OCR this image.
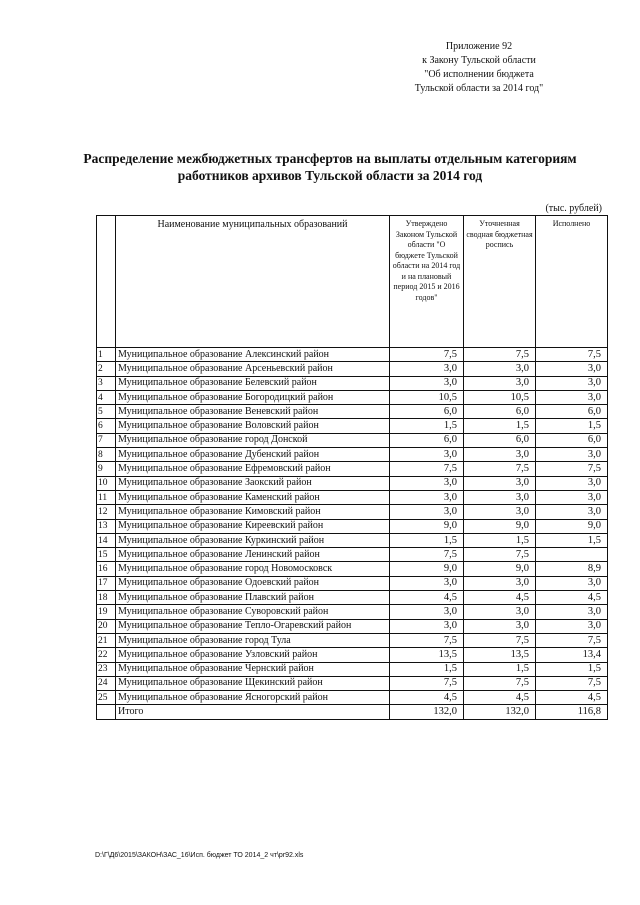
Приложение 92
к Закону Тульской области
"Об исполнении бюджета
Тульской области за 2014 год"
Распределение межбюджетных трансфертов на выплаты отдельным категориям
работников архивов Тульской области за 2014 год
(тыс. рублей)
	Наименование муниципальных образований	Утверждено Законом Тульской области "О бюджете Тульской области на 2014 год и на плановый период 2015 и 2016 годов"	Уточненная сводная бюджетная роспись	Исполнено
1	Муниципальное образование Алексинский район	7,5	7,5	7,5
2	Муниципальное образование Арсеньевский район	3,0	3,0	3,0
3	Муниципальное образование Белевский район	3,0	3,0	3,0
4	Муниципальное образование Богородицкий район	10,5	10,5	3,0
5	Муниципальное образование Веневский район	6,0	6,0	6,0
6	Муниципальное образование Воловский район	1,5	1,5	1,5
7	Муниципальное образование город Донской	6,0	6,0	6,0
8	Муниципальное образование Дубенский район	3,0	3,0	3,0
9	Муниципальное образование Ефремовский район	7,5	7,5	7,5
10	Муниципальное образование Заокский район	3,0	3,0	3,0
11	Муниципальное образование Каменский район	3,0	3,0	3,0
12	Муниципальное образование Кимовский район	3,0	3,0	3,0
13	Муниципальное образование Киреевский район	9,0	9,0	9,0
14	Муниципальное образование Куркинский район	1,5	1,5	1,5
15	Муниципальное образование Ленинский район	7,5	7,5	
16	Муниципальное образование город Новомосковск	9,0	9,0	8,9
17	Муниципальное образование Одоевский район	3,0	3,0	3,0
18	Муниципальное образование Плавский район	4,5	4,5	4,5
19	Муниципальное образование Суворовский район	3,0	3,0	3,0
20	Муниципальное образование Тепло-Огаревский район	3,0	3,0	3,0
21	Муниципальное образование город Тула	7,5	7,5	7,5
22	Муниципальное образование Узловский район	13,5	13,5	13,4
23	Муниципальное образование Чернский район	1,5	1,5	1,5
24	Муниципальное образование Щекинский район	7,5	7,5	7,5
25	Муниципальное образование Ясногорский район	4,5	4,5	4,5
	Итого	132,0	132,0	116,8
D:\Г\Д6\2015\ЗАКОН\ЗАС_16\Исп. бюджет ТО 2014_2 чт\pr92.xls
